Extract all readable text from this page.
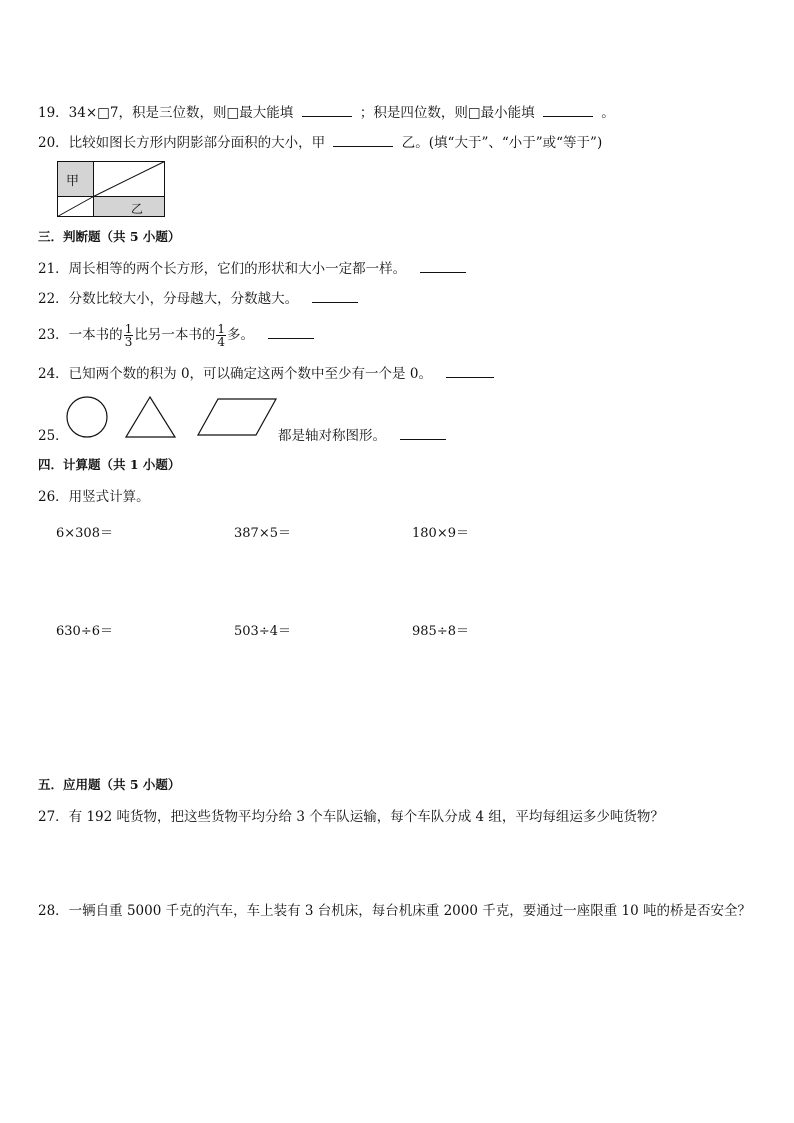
19．34×□7，积是三位数，则□最大能填	；积是四位数，则□最小能填	。
20．比较如图长方形内阴影部分面积的大小，甲	乙。(填“大于”、“小于”或“等于”)
甲
乙
三．判断题（共 5 小题）
21．周长相等的两个长方形，它们的形状和大小一定都一样。
22．分数比较大小，分母越大，分数越大。
23．一本书的 $\frac{1}{3}$ 比另一本书的 $\frac{1}{4}$ 多。
24．已知两个数的积为 0，可以确定这两个数中至少有一个是 0。
25．	都是轴对称图形。
四．计算题（共 1 小题）
26．用竖式计算。
6×308＝	387×5＝	180×9＝
630÷6＝	503÷4＝	985÷8＝
五．应用题（共 5 小题）
27．有 192 吨货物，把这些货物平均分给 3 个车队运输，每个车队分成 4 组，平均每组运多少吨货物？
28．一辆自重 5000 千克的汽车，车上装有 3 台机床，每台机床重 2000 千克，要通过一座限重 10 吨的桥是否安全？
